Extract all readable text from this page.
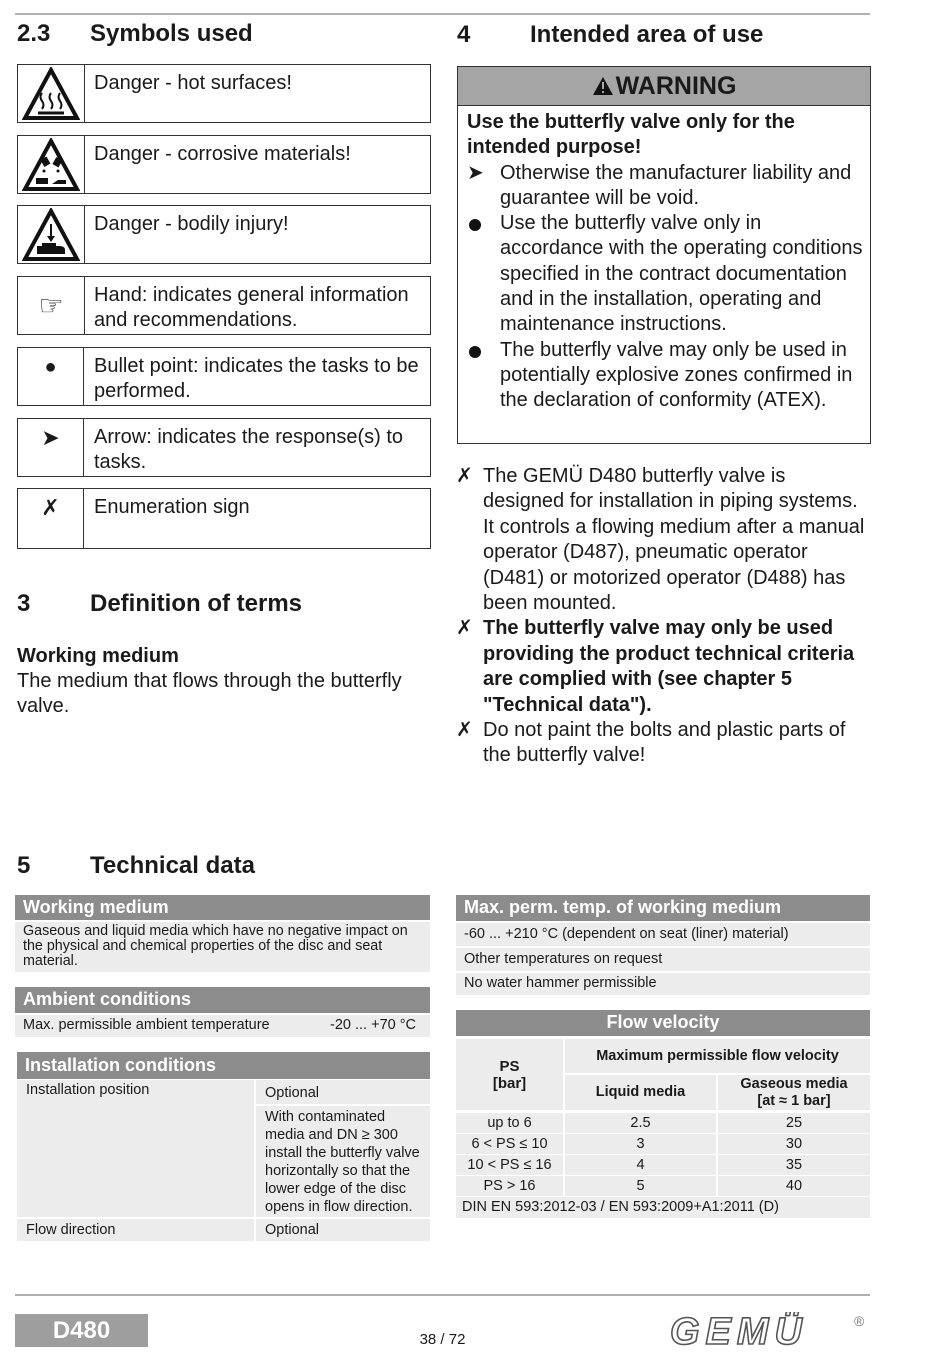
2.3 Symbols used
Danger - hot surfaces!
Danger - corrosive materials!
Danger - bodily injury!
☞ Hand: indicates general information and recommendations.
● Bullet point: indicates the tasks to be performed.
➤ Arrow: indicates the response(s) to tasks.
✗ Enumeration sign
3 Definition of terms
Working medium
The medium that flows through the butterfly valve.
4 Intended area of use
WARNING
Use the butterfly valve only for the intended purpose!
➤ Otherwise the manufacturer liability and guarantee will be void.
Use the butterfly valve only in accordance with the operating conditions specified in the contract documentation and in the installation, operating and maintenance instructions.
The butterfly valve may only be used in potentially explosive zones confirmed in the declaration of conformity (ATEX).
✗ The GEMÜ D480 butterfly valve is designed for installation in piping systems. It controls a flowing medium after a manual operator (D487), pneumatic operator (D481) or motorized operator (D488) has been mounted.
✗ The butterfly valve may only be used providing the product technical criteria are complied with (see chapter 5 "Technical data").
✗ Do not paint the bolts and plastic parts of the butterfly valve!
5 Technical data
Working medium
Gaseous and liquid media which have no negative impact on the physical and chemical properties of the disc and seat material.
Ambient conditions
Max. permissible ambient temperature	-20 ... +70 °C
Installation conditions
Installation position	Optional
With contaminated media and DN ≥ 300 install the butterfly valve horizontally so that the lower edge of the disc opens in flow direction.
Flow direction	Optional
Max. perm. temp. of working medium
-60 ... +210 °C (dependent on seat (liner) material)
Other temperatures on request
No water hammer permissible
Flow velocity
PS
[bar]
Maximum permissible flow velocity
Liquid media
Gaseous media [at ≈ 1 bar]
up to 6	2.5	25
6 < PS ≤ 10	3	30
10 < PS ≤ 16	4	35
PS > 16	5	40
DIN EN 593:2012-03 / EN 593:2009+A1:2011 (D)
D480	38 / 72	GEMÜ	®
